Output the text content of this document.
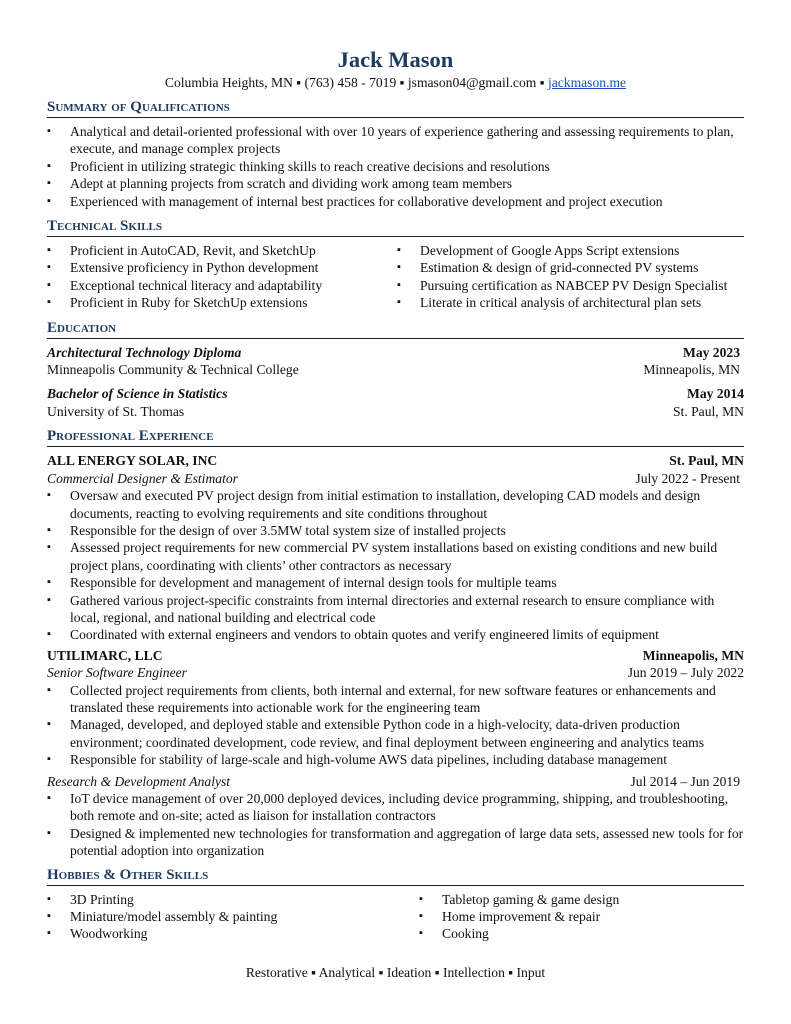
Jack Mason
Columbia Heights, MN ▪ (763) 458 - 7019 ▪ jsmason04@gmail.com ▪ jackmason.me
Summary of Qualifications
▪ Analytical and detail-oriented professional with over 10 years of experience gathering and assessing requirements to plan, execute, and manage complex projects
▪ Proficient in utilizing strategic thinking skills to reach creative decisions and resolutions
▪ Adept at planning projects from scratch and dividing work among team members
▪ Experienced with management of internal best practices for collaborative development and project execution
Technical Skills
▪ Proficient in AutoCAD, Revit, and SketchUp
▪ Extensive proficiency in Python development
▪ Exceptional technical literacy and adaptability
▪ Proficient in Ruby for SketchUp extensions
▪ Development of Google Apps Script extensions
▪ Estimation & design of grid-connected PV systems
▪ Pursuing certification as NABCEP PV Design Specialist
▪ Literate in critical analysis of architectural plan sets
Education
Architectural Technology Diploma	May 2023
Minneapolis Community & Technical College	Minneapolis, MN
Bachelor of Science in Statistics	May 2014
University of St. Thomas	St. Paul, MN
Professional Experience
ALL ENERGY SOLAR, INC	St. Paul, MN
Commercial Designer & Estimator	July 2022 - Present
▪ Oversaw and executed PV project design from initial estimation to installation, developing CAD models and design documents, reacting to evolving requirements and site conditions throughout
▪ Responsible for the design of over 3.5MW total system size of installed projects
▪ Assessed project requirements for new commercial PV system installations based on existing conditions and new build project plans, coordinating with clients’ other contractors as necessary
▪ Responsible for development and management of internal design tools for multiple teams
▪ Gathered various project-specific constraints from internal directories and external research to ensure compliance with local, regional, and national building and electrical code
▪ Coordinated with external engineers and vendors to obtain quotes and verify engineered limits of equipment
UTILIMARC, LLC	Minneapolis, MN
Senior Software Engineer	Jun 2019 – July 2022
▪ Collected project requirements from clients, both internal and external, for new software features or enhancements and translated these requirements into actionable work for the engineering team
▪ Managed, developed, and deployed stable and extensible Python code in a high-velocity, data-driven production environment; coordinated development, code review, and final deployment between engineering and analytics teams
▪ Responsible for stability of large-scale and high-volume AWS data pipelines, including database management
Research & Development Analyst	Jul 2014 – Jun 2019
▪ IoT device management of over 20,000 deployed devices, including device programming, shipping, and troubleshooting, both remote and on-site; acted as liaison for installation contractors
▪ Designed & implemented new technologies for transformation and aggregation of large data sets, assessed new tools for for potential adoption into organization
Hobbies & Other Skills
▪ 3D Printing
▪ Miniature/model assembly & painting
▪ Woodworking
▪ Tabletop gaming & game design
▪ Home improvement & repair
▪ Cooking
Restorative ▪ Analytical ▪ Ideation ▪ Intellection ▪ Input
